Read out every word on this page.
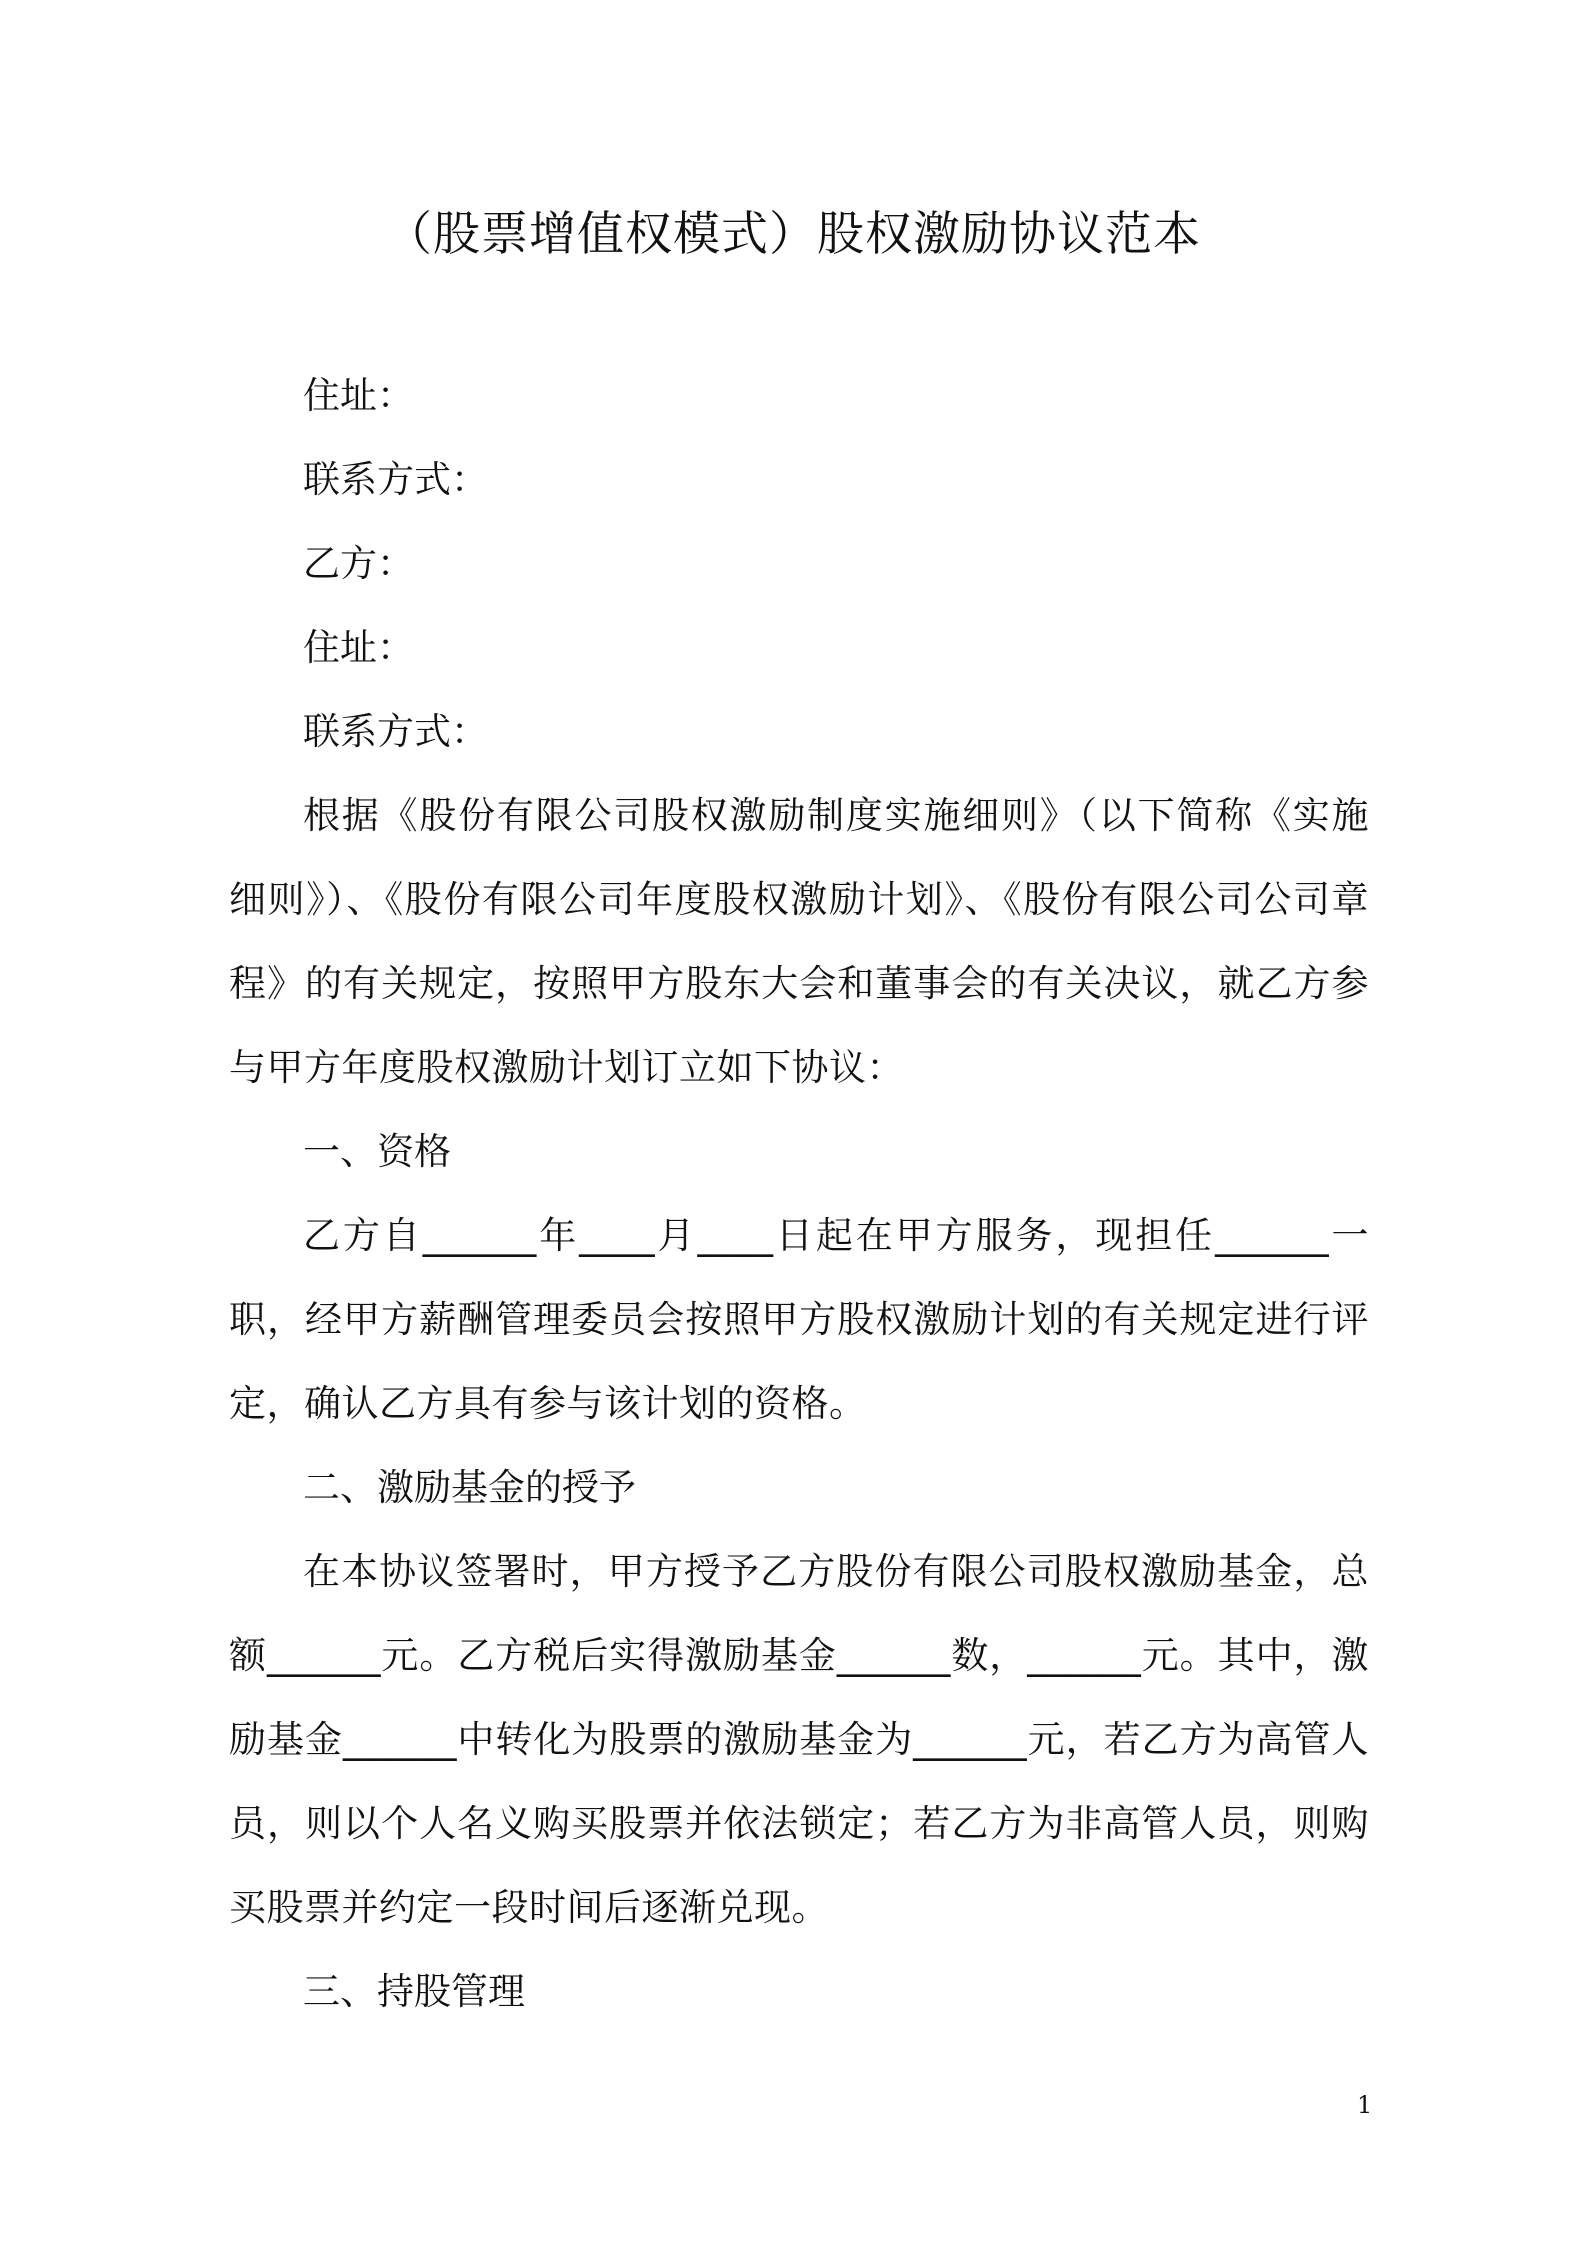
（股票增值权模式）股权激励协议范本

住址：

联系方式：

乙方：

住址：

联系方式：

根据《股份有限公司股权激励制度实施细则》（以下简称《实施细则》）、《股份有限公司年度股权激励计划》、《股份有限公司公司章程》的有关规定，按照甲方股东大会和董事会的有关决议，就乙方参与甲方年度股权激励计划订立如下协议：

一、资格

乙方自______年____月____日起在甲方服务，现担任______一职，经甲方薪酬管理委员会按照甲方股权激励计划的有关规定进行评定，确认乙方具有参与该计划的资格。

二、激励基金的授予

在本协议签署时，甲方授予乙方股份有限公司股权激励基金，总额______元。乙方税后实得激励基金______数，______元。其中，激励基金______中转化为股票的激励基金为______元，若乙方为高管人员，则以个人名义购买股票并依法锁定；若乙方为非高管人员，则购买股票并约定一段时间后逐渐兑现。

三、持股管理

1
